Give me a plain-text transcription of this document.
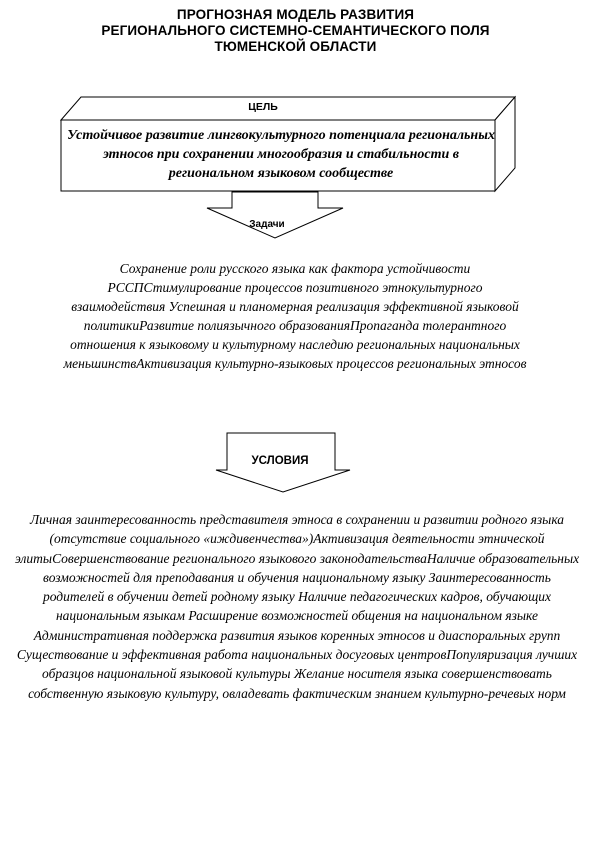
ПРОГНОЗНАЯ МОДЕЛЬ РАЗВИТИЯ
РЕГИОНАЛЬНОГО СИСТЕМНО-СЕМАНТИЧЕСКОГО ПОЛЯ
ТЮМЕНСКОЙ ОБЛАСТИ
ЦЕЛЬ
Устойчивое развитие лингвокультурного потенциала региональных этносов при сохранении многообразия и стабильности в региональном языковом сообществе
Задачи
Сохранение роли русского языка как фактора устойчивости РССПСтимулирование процессов позитивного этнокультурного взаимодействия Успешная и планомерная реализация эффективной языковой политикиРазвитие полиязычного образованияПропаганда толерантного отношения к языковому и культурному наследию региональных национальных меньшинствАктивизация культурно-языковых процессов региональных этносов
УСЛОВИЯ
Личная заинтересованность представителя этноса в сохранении и развитии родного языка (отсутствие социального «иждивенчества»)Активизация деятельности этнической элитыСовершенствование регионального языкового законодательстваНаличие образовательных возможностей для преподавания и обучения национальному языку Заинтересованность родителей в обучении детей родному языку Наличие педагогических кадров, обучающих национальным языкам Расширение возможностей общения на национальном языке Административная поддержка развития языков коренных этносов и диаспоральных групп Существование и эффективная работа национальных досуговых центровПопуляризация лучших образцов национальной языковой культуры Желание носителя языка совершенствовать собственную языковую культуру, овладевать фактическим знанием культурно-речевых норм
